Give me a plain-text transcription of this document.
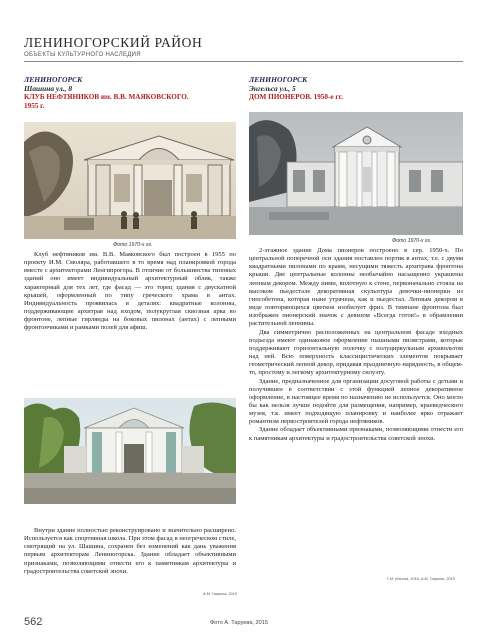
ЛЕНИНОГОРСКИЙ РАЙОН
ОБЪЕКТЫ КУЛЬТУРНОГО НАСЛЕДИЯ
ЛЕНИНОГОРСК
Шашина ул., 8
КЛУБ НЕФТЯНИКОВ им. В.В. МАЯКОВСКОГО.
1955 г.
Фото 1970-х гг.

Клуб нефтяников им. В.В. Маяковского был построен в 1955 по проекту И.М. Смоляра, работавшего в то время над планировкой города вместе с архитекторами Ленгипрогора. В отличие от большинства типовых зданий оно имеет индивидуальный архитектурный облик, также характерный для тех лет, где фасад — это торец здания с двускатной крышей, оформленный по типу греческого храма в антах. Индивидуальность проявилась в деталях: квадратные колонны, поддерживающие архитрав над входом, полукруглая сквозная арка во фронтоне, лепные гирлянды на боковых пилонах (антах) с лепными фронтончиками и рамками полей для афиш.

Внутри здание полностью реконструировано и значительно расширено. Используется как спортивная школа. При этом фасад в неогреческом стиле, смотрящий на ул. Шашина, сохранен без изменений как дань уважения первым архитекторам Лениногорска. Здание обладает объективными признаками, позволяющими отнести его к памятникам архитектуры и градостроительства советской эпохи.

А.М. Гаврина, 2015
ЛЕНИНОГОРСК
Энгельса ул., 5
ДОМ ПИОНЕРОВ. 1950-е гг.
Фото 1970-х гг.

2-этажное здание Дома пионеров построено в сер. 1950-х. По центральной поперечной оси здания поставлен портик в антах, т.е. с двумя квадратными пилонами по краям, несущими тяжесть архитрава фронтона крыши. Две центральные колонны необычайно насыщенно украшены лепным декором. Между ними, вплотную к стене, первоначально стояла на высоком пьедестале декоративная скульптура девочки-пионерки из гипсобетона, которая ныне утрачена, как и пьедестал. Лепным декором в виде повторяющихся цветков изобилует фриз. В тимпане фронтона был изображен пионерский значок с девизом «Всегда готов!» в обрамлении растительной лепнины.

Два симметрично расположенных на центральном фасаде входных подъезда имеют одинаковое оформление пышными пилястрами, которые поддерживают горизонтальную полочку с полуциркульным архивольтом над ней. Всю поверхность классицистических элементов покрывает геометрический лепной декор, придавая праздничную нарядность, в общем-то, простому и легкому архитектурному силуэту.

Здание, предназначенное для организации досуговой работы с детьми и получившее в соответствии с этой функцией лепное декоративное оформление, в настоящее время по назначению не используется. Оно могло бы как нельзя лучше подойти для размещения, например, краеведческого музея, т.к. имеет подходящую планировку и наиболее ярко отражает романтизм первостроителей города нефтяников.

Здание обладает объективными признаками, позволяющими отнести его к памятникам архитектуры и градостроительства советской эпохи.

Г.М. Ильина, 2016; А.М. Гаврина, 2015
562	Фото А. Таруева, 2015
